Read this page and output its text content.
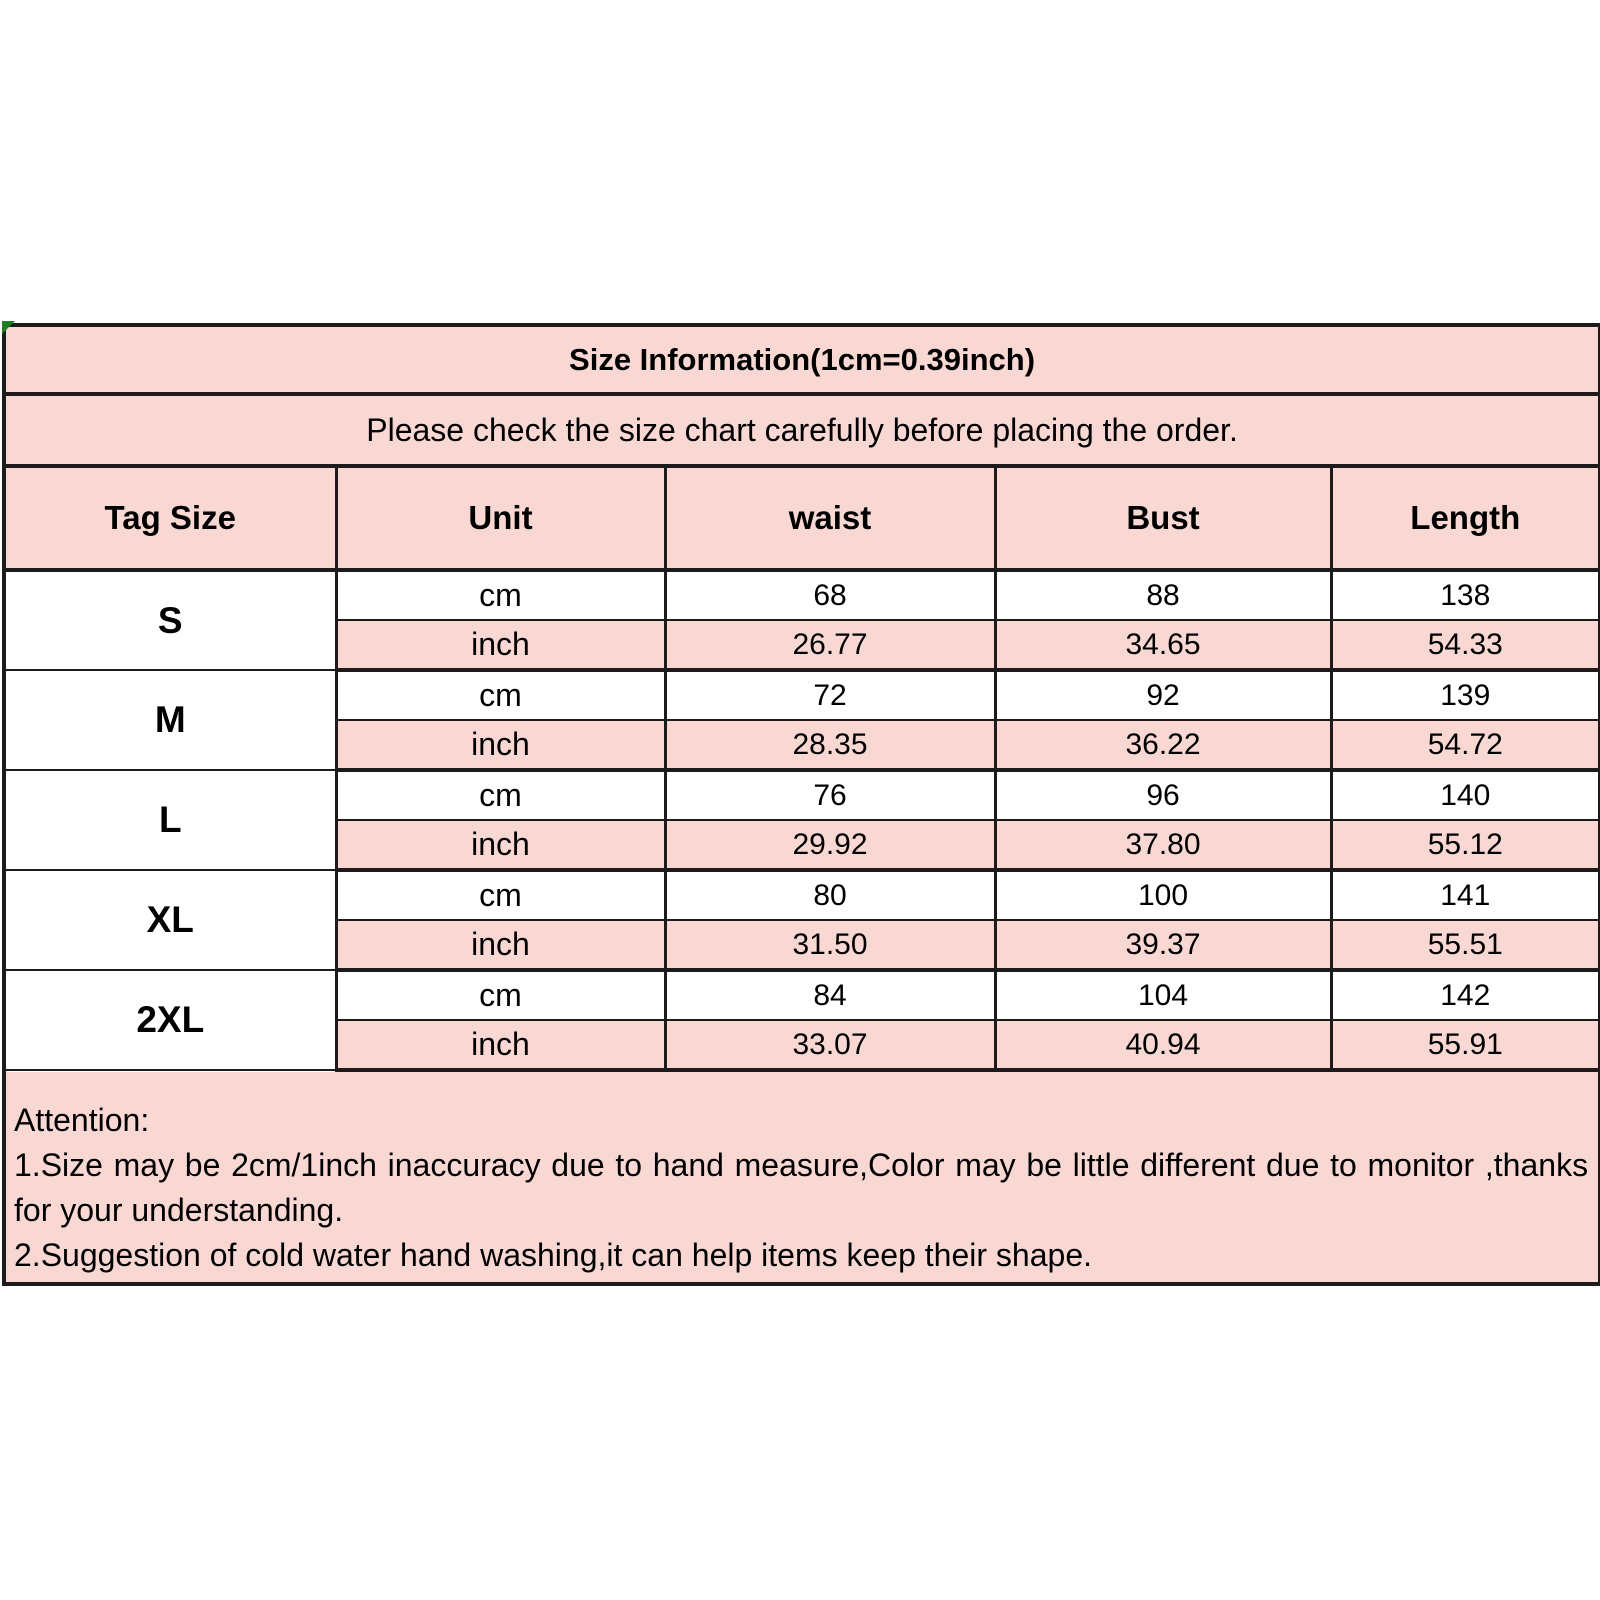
Size Information(1cm=0.39inch)				
Please check the size chart carefully before placing the order.				
Tag Size	Unit	waist	Bust	Length
S	cm	68	88	138
	inch	26.77	34.65	54.33
M	cm	72	92	139
	inch	28.35	36.22	54.72
L	cm	76	96	140
	inch	29.92	37.80	55.12
XL	cm	80	100	141
	inch	31.50	39.37	55.51
2XL	cm	84	104	142
	inch	33.07	40.94	55.91

Attention:

1.Size may be 2cm/1inch inaccuracy due to hand measure,Color may be little different due to monitor ,thanks for your understanding.

2.Suggestion of cold water hand washing,it can help items keep their shape.				
